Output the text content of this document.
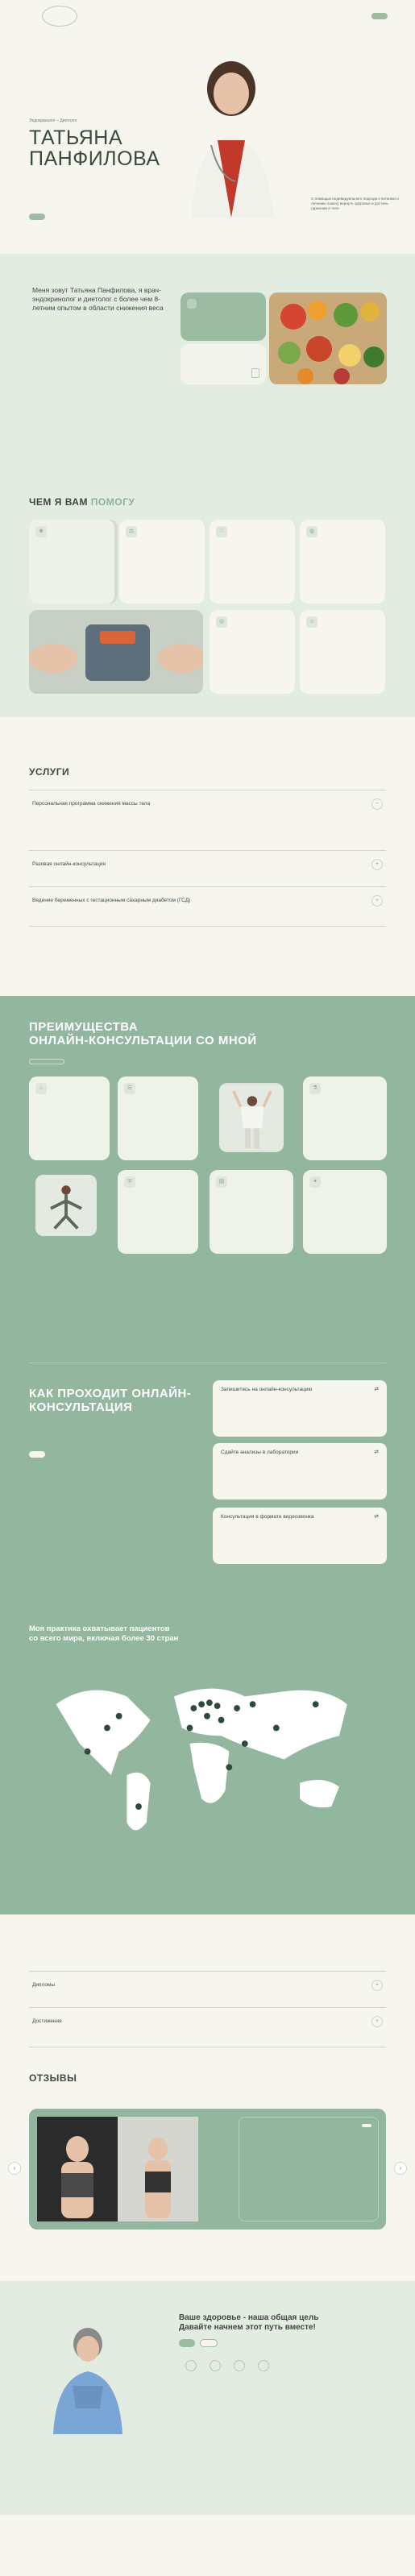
Эндокринолог – Диетолог
ТАТЬЯНА
ПАНФИЛОВА
С помощью индивидуального подхода к питанию и лечению помогу вернуть здоровье и достичь гармонии в теле
Меня зовут Татьяна Панфилова, я врач-эндокринолог и диетолог с более чем 8-летним опытом в области снижения веса

ЧЕМ Я ВАМ ПОМОГУ
❀	⚖	♡	◍

◎	☺

УСЛУГИ
Персональная программа снижения массы тела	−

Разовая онлайн-консультация	+
Ведение беременных с гестационным сахарным диабетом (ГСД)	+
ПРЕИМУЩЕСТВА
ОНЛАЙН-КОНСУЛЬТАЦИИ СО МНОЙ
⌂	☰	⚗

⛨	▤	✦

КАК ПРОХОДИТ ОНЛАЙН-
КОНСУЛЬТАЦИЯ
Запишитесь на онлайн-консультацию	⇄

Сдайте анализы в лаборатории	⇄

Консультация в формате видеозвонка	⇄

Моя практика охватывает пациентов
со всего мира, включая более 30 стран
Дипломы	+
Достижения	+
ОТЗЫВЫ

‹	›
Ваше здоровье - наша общая цель
Давайте начнем этот путь вместе!
